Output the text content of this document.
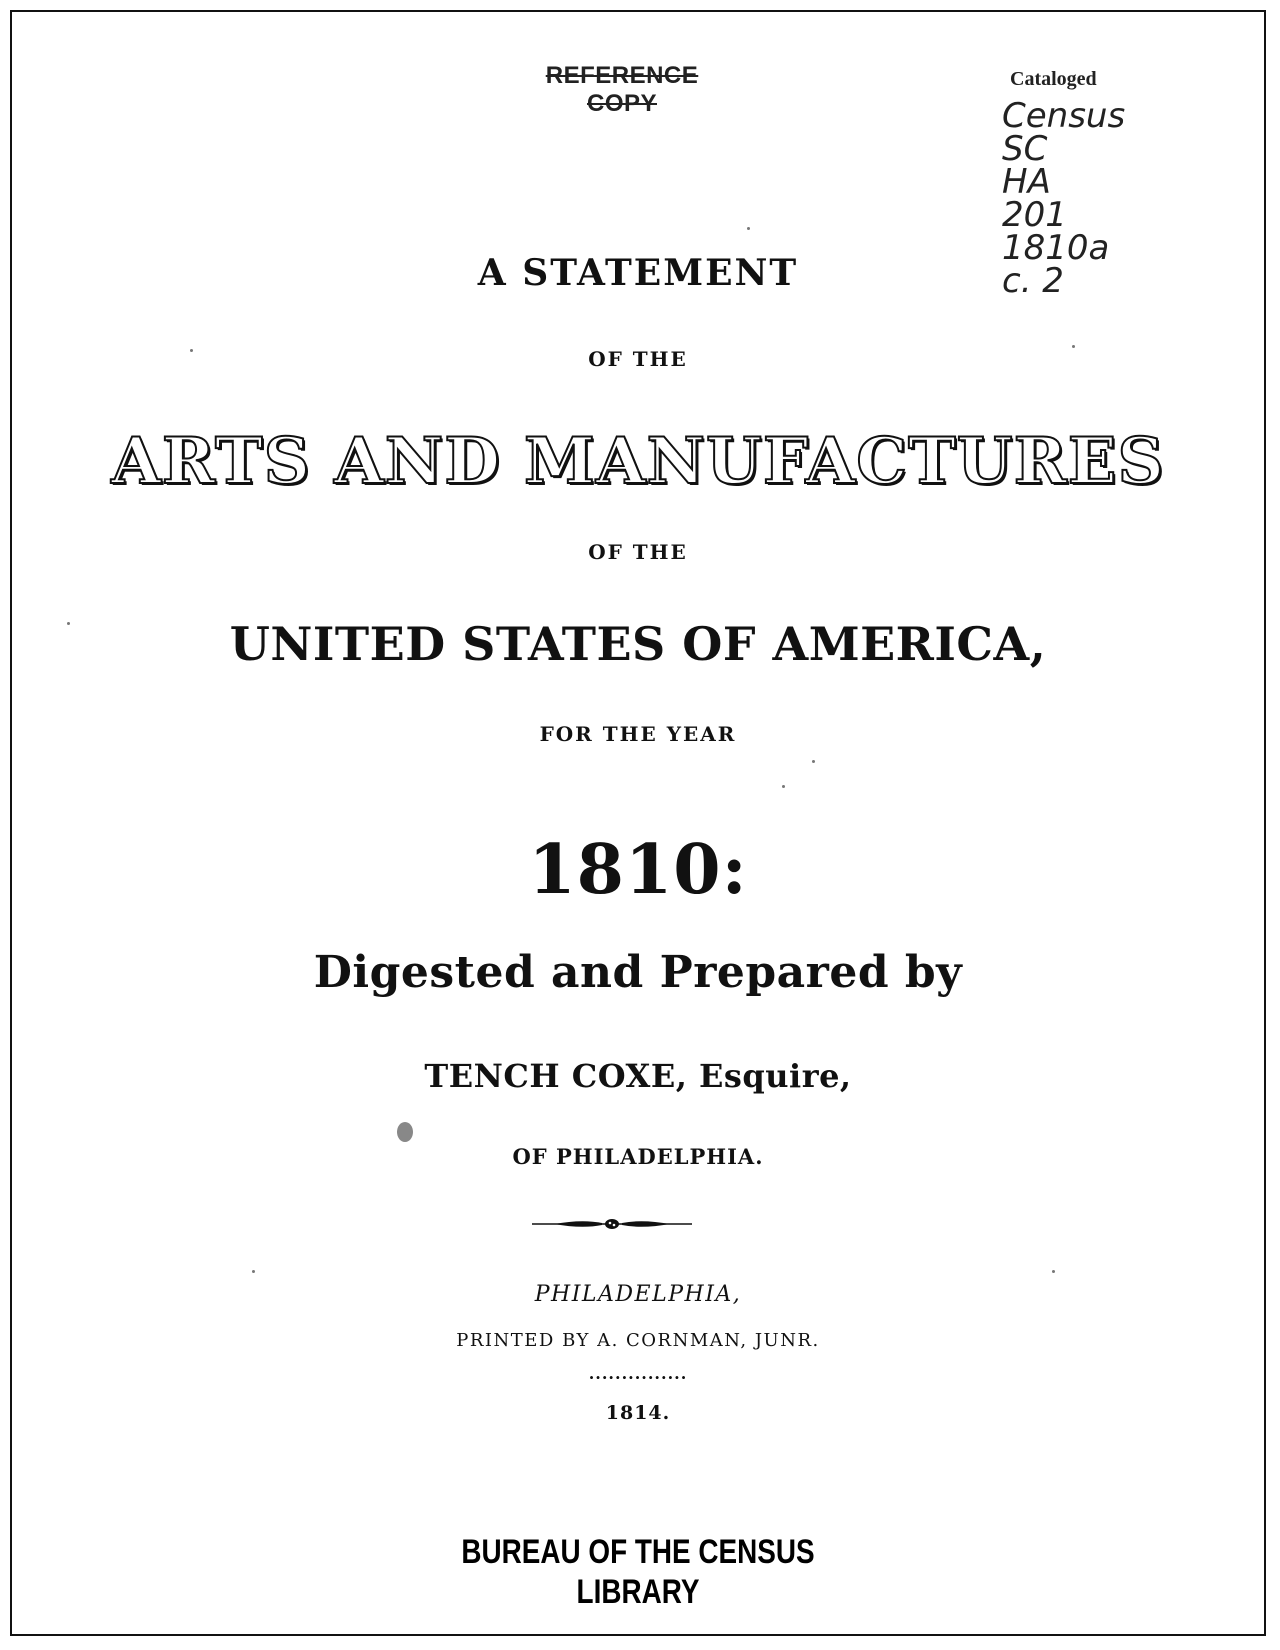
REFERENCE COPY
Cataloged
Census
SC
HA
201
1810a
c. 2
A STATEMENT
OF THE
ARTS AND MANUFACTURES
OF THE
UNITED STATES OF AMERICA,
FOR THE YEAR
1810:
Digested and Prepared by
TENCH COXE, Esquire,
OF PHILADELPHIA.
PHILADELPHIA,
PRINTED BY A. CORNMAN, JUNR.
...............
1814.
BUREAU OF THE CENSUS
LIBRARY
